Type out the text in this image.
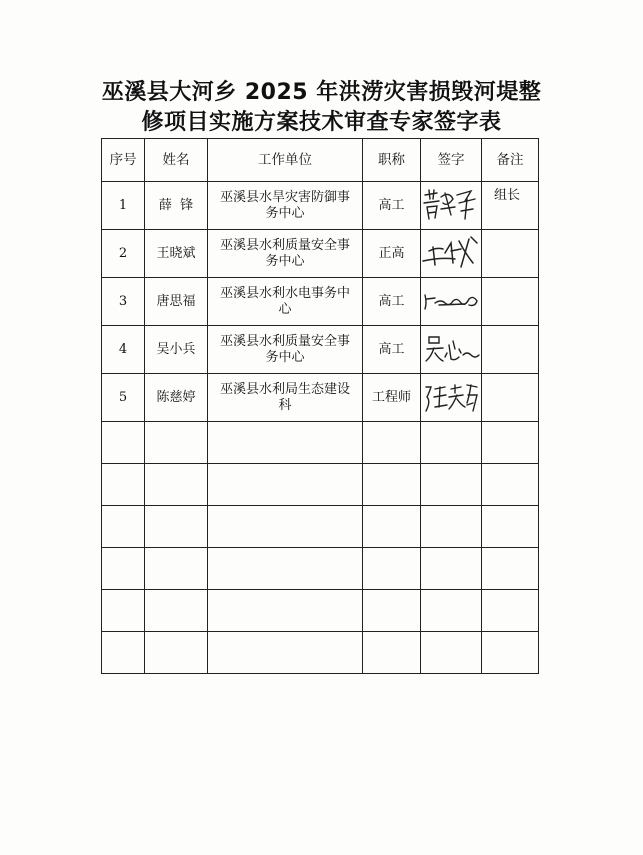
巫溪县大河乡 2025 年洪涝灾害损毁河堤整
修项目实施方案技术审查专家签字表
序号	姓名	工作单位	职称	签字	备注
1	薛  锋	巫溪县水旱灾害防御事务中心	高工		组长
2	王晓斌	巫溪县水利质量安全事务中心	正高	

3	唐思福	巫溪县水利水电事务中心	高工	

4	吴小兵	巫溪县水利质量安全事务中心	高工	

5	陈慈婷	巫溪县水利局生态建设科	工程师	
